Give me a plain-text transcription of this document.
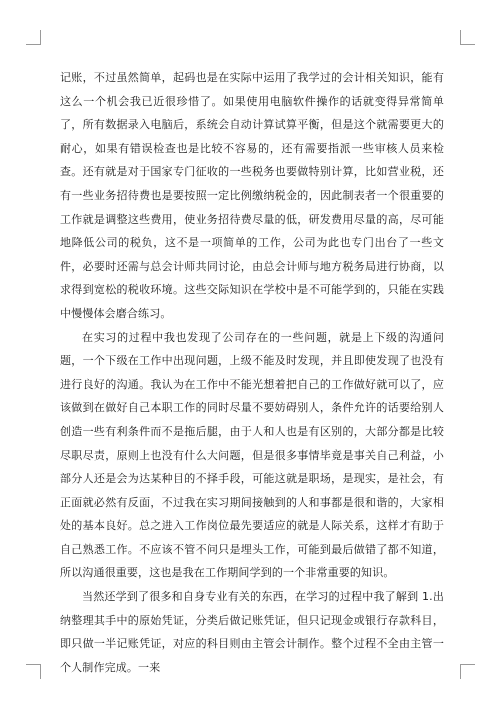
记账，不过虽然简单，起码也是在实际中运用了我学过的会计相关知识，能有这么一个机会我已近很珍惜了。如果使用电脑软件操作的话就变得异常简单了，所有数据录入电脑后，系统会自动计算试算平衡，但是这个就需要更大的耐心，如果有错误检查也是比较不容易的，还有需要指派一些审核人员来检查。还有就是对于国家专门征收的一些税务也要做特别计算，比如营业税，还有一些业务招待费也是要按照一定比例缴纳税金的，因此制表者一个很重要的工作就是调整这些费用，使业务招待费尽量的低，研发费用尽量的高，尽可能地降低公司的税负，这不是一项简单的工作，公司为此也专门出台了一些文件，必要时还需与总会计师共同讨论，由总会计师与地方税务局进行协商，以求得到宽松的税收环境。这些交际知识在学校中是不可能学到的，只能在实践中慢慢体会磨合练习。

在实习的过程中我也发现了公司存在的一些问题，就是上下级的沟通问题，一个下级在工作中出现问题，上级不能及时发现，并且即使发现了也没有进行良好的沟通。我认为在工作中不能光想着把自己的工作做好就可以了，应该做到在做好自己本职工作的同时尽量不要妨碍别人，条件允许的话要给别人创造一些有利条件而不是拖后腿，由于人和人也是有区别的，大部分都是比较尽职尽责，原则上也没有什么大问题，但是很多事情毕竟是事关自己利益，小部分人还是会为达某种目的不择手段，可能这就是职场，是现实，是社会，有正面就必然有反面，不过我在实习期间接触到的人和事都是很和谐的，大家相处的基本良好。总之进入工作岗位最先要适应的就是人际关系，这样才有助于自己熟悉工作。不应该不管不问只是埋头工作，可能到最后做错了都不知道，所以沟通很重要，这也是我在工作期间学到的一个非常重要的知识。

当然还学到了很多和自身专业有关的东西，在学习的过程中我了解到 1.出纳整理其手中的原始凭证，分类后做记账凭证，但只记现金或银行存款科目，即只做一半记账凭证，对应的科目则由主管会计制作。整个过程不全由主管一个人制作完成。一来
